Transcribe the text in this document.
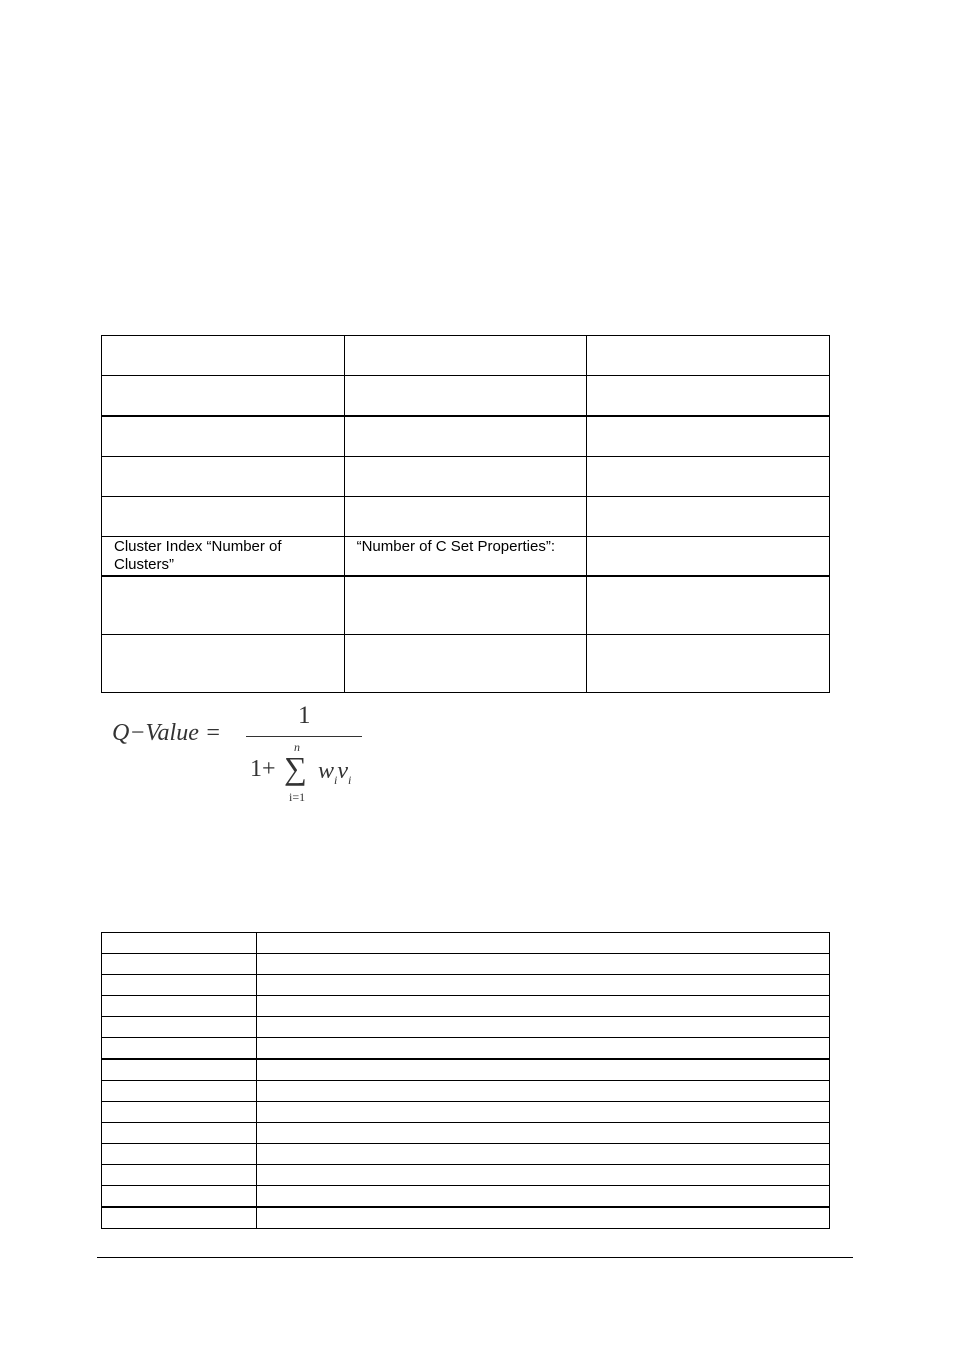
Cluster Index “Number of Clusters”	“Number of C Set Properties”:	

Q−Value =
1
1+
n
∑
i=1
$w_iv_i$
